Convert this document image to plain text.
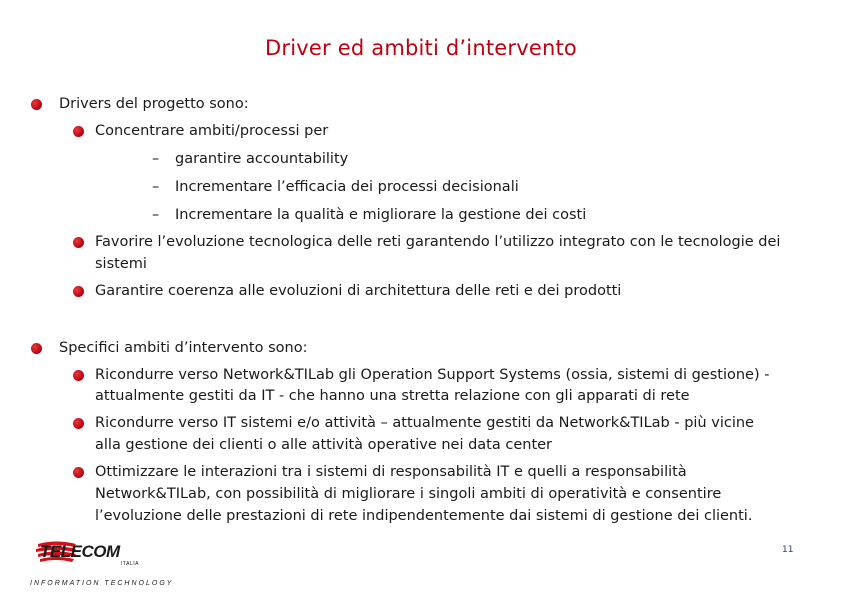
Driver ed ambiti d’intervento
Drivers del progetto sono:
Concentrare ambiti/processi per
– garantire accountability
– Incrementare l’efficacia dei processi decisionali
– Incrementare la qualità e migliorare la gestione dei costi
Favorire l’evoluzione tecnologica delle reti garantendo l’utilizzo integrato con le tecnologie dei
sistemi
Garantire coerenza alle evoluzioni di architettura delle reti e dei prodotti
Specifici ambiti d’intervento sono:
Ricondurre verso Network&TILab gli Operation Support Systems (ossia, sistemi di gestione) -
attualmente gestiti da IT - che hanno una stretta relazione con gli apparati di rete
Ricondurre verso IT sistemi e/o attività – attualmente gestiti da Network&TILab - più vicine
alla gestione dei clienti o alle attività operative nei data center
Ottimizzare le interazioni tra i sistemi di responsabilità IT e quelli a responsabilità
Network&TILab, con possibilità di migliorare i singoli ambiti di operatività e consentire
l’evoluzione delle prestazioni di rete indipendentemente dai sistemi di gestione dei clienti.
TELECOM
ITALIA
INFORMATION TECHNOLOGY
11
